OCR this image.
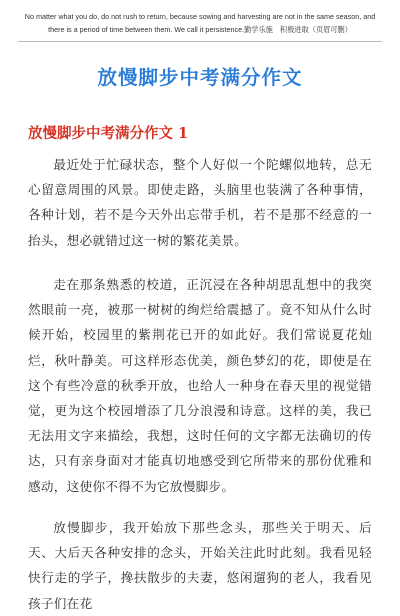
No matter what you do, do not rush to return, because sowing and harvesting are not in the same season, and
there is a period of time between them. We call it persistence.勤学乐施　积极进取（页眉可删）
放慢脚步中考满分作文
放慢脚步中考满分作文 1
最近处于忙碌状态，整个人好似一个陀螺似地转，总无心留意周围的风景。即使走路，头脑里也装满了各种事情，各种计划，若不是今天外出忘带手机，若不是那不经意的一抬头，想必就错过这一树的繁花美景。
走在那条熟悉的校道，正沉浸在各种胡思乱想中的我突然眼前一亮，被那一树树的绚烂给震撼了。竟不知从什么时候开始，校园里的紫荆花已开的如此好。我们常说夏花灿烂，秋叶静美。可这样形态优美，颜色梦幻的花，即使是在这个有些冷意的秋季开放，也给人一种身在春天里的视觉错觉，更为这个校园增添了几分浪漫和诗意。这样的美，我已无法用文字来描绘，我想，这时任何的文字都无法确切的传达，只有亲身面对才能真切地感受到它所带来的那份优雅和感动，这使你不得不为它放慢脚步。
放慢脚步，我开始放下那些念头，那些关于明天、后天、大后天各种安排的念头，开始关注此时此刻。我看见轻快行走的学子，搀扶散步的夫妻，悠闲遛狗的老人，我看见孩子们在花
